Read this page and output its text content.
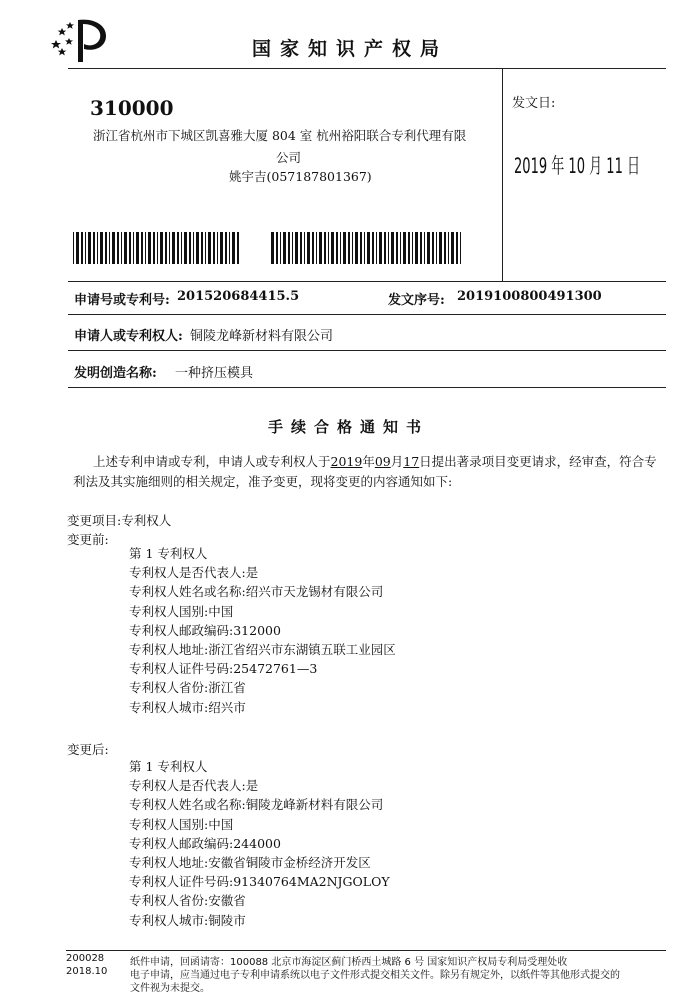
国家知识产权局
310000
浙江省杭州市下城区凯喜雅大厦 804 室 杭州裕阳联合专利代理有限
公司
姚宇吉(057187801367)
发文日:
2019 年 10 月 11 日
申请号或专利号: 201520684415.5	发文序号: 2019100800491300
申请人或专利权人: 铜陵龙峰新材料有限公司
发明创造名称: 一种挤压模具
手续合格通知书
上述专利申请或专利，申请人或专利权人于2019年09月17日提出著录项目变更请求，经审查，符合专
利法及其实施细则的相关规定，准予变更，现将变更的内容通知如下:
变更项目:专利权人
变更前:
第 1 专利权人
专利权人是否代表人:是
专利权人姓名或名称:绍兴市天龙锡材有限公司
专利权人国别:中国
专利权人邮政编码:312000
专利权人地址:浙江省绍兴市东湖镇五联工业园区
专利权人证件号码:25472761—3
专利权人省份:浙江省
专利权人城市:绍兴市
变更后:
第 1 专利权人
专利权人是否代表人:是
专利权人姓名或名称:铜陵龙峰新材料有限公司
专利权人国别:中国
专利权人邮政编码:244000
专利权人地址:安徽省铜陵市金桥经济开发区
专利权人证件号码:91340764MA2NJGOLOY
专利权人省份:安徽省
专利权人城市:铜陵市
200028
2018.10
纸件申请，回函请寄：100088 北京市海淀区蓟门桥西土城路 6 号 国家知识产权局专利局受理处收
电子申请，应当通过电子专利申请系统以电子文件形式提交相关文件。除另有规定外，以纸件等其他形式提交的
文件视为未提交。
